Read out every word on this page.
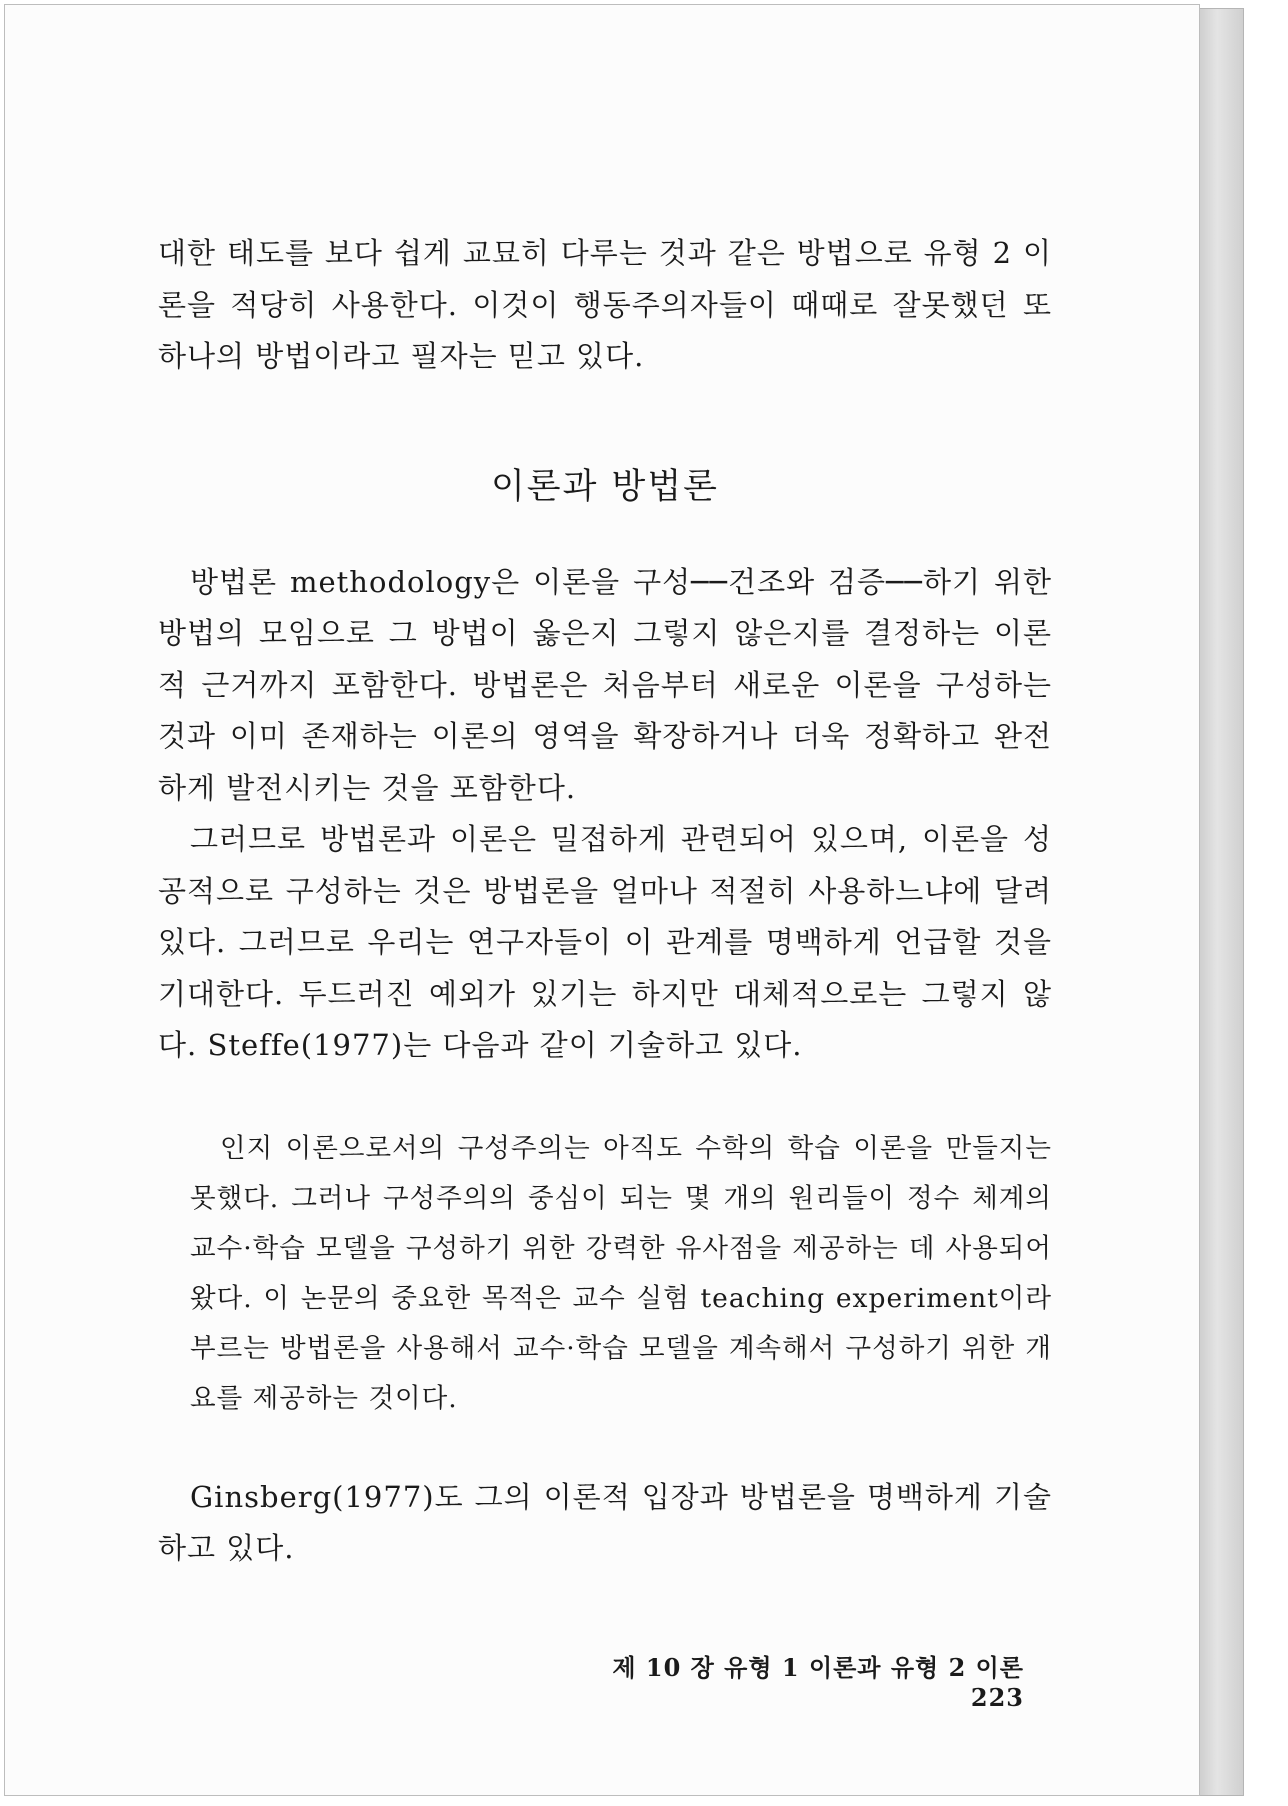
대한 태도를 보다 쉽게 교묘히 다루는 것과 같은 방법으로 유형 2 이론을 적당히 사용한다. 이것이 행동주의자들이 때때로 잘못했던 또 하나의 방법이라고 필자는 믿고 있다.

이론과 방법론

방법론 methodology은 이론을 구성──건조와 검증──하기 위한 방법의 모임으로 그 방법이 옳은지 그렇지 않은지를 결정하는 이론적 근거까지 포함한다. 방법론은 처음부터 새로운 이론을 구성하는 것과 이미 존재하는 이론의 영역을 확장하거나 더욱 정확하고 완전하게 발전시키는 것을 포함한다.

그러므로 방법론과 이론은 밀접하게 관련되어 있으며, 이론을 성공적으로 구성하는 것은 방법론을 얼마나 적절히 사용하느냐에 달려 있다. 그러므로 우리는 연구자들이 이 관계를 명백하게 언급할 것을 기대한다. 두드러진 예외가 있기는 하지만 대체적으로는 그렇지 않다. Steffe(1977)는 다음과 같이 기술하고 있다.

인지 이론으로서의 구성주의는 아직도 수학의 학습 이론을 만들지는 못했다. 그러나 구성주의의 중심이 되는 몇 개의 원리들이 정수 체계의 교수·학습 모델을 구성하기 위한 강력한 유사점을 제공하는 데 사용되어 왔다. 이 논문의 중요한 목적은 교수 실험 teaching experiment이라 부르는 방법론을 사용해서 교수·학습 모델을 계속해서 구성하기 위한 개요를 제공하는 것이다.

Ginsberg(1977)도 그의 이론적 입장과 방법론을 명백하게 기술하고 있다.

제 10 장 유형 1 이론과 유형 2 이론223
